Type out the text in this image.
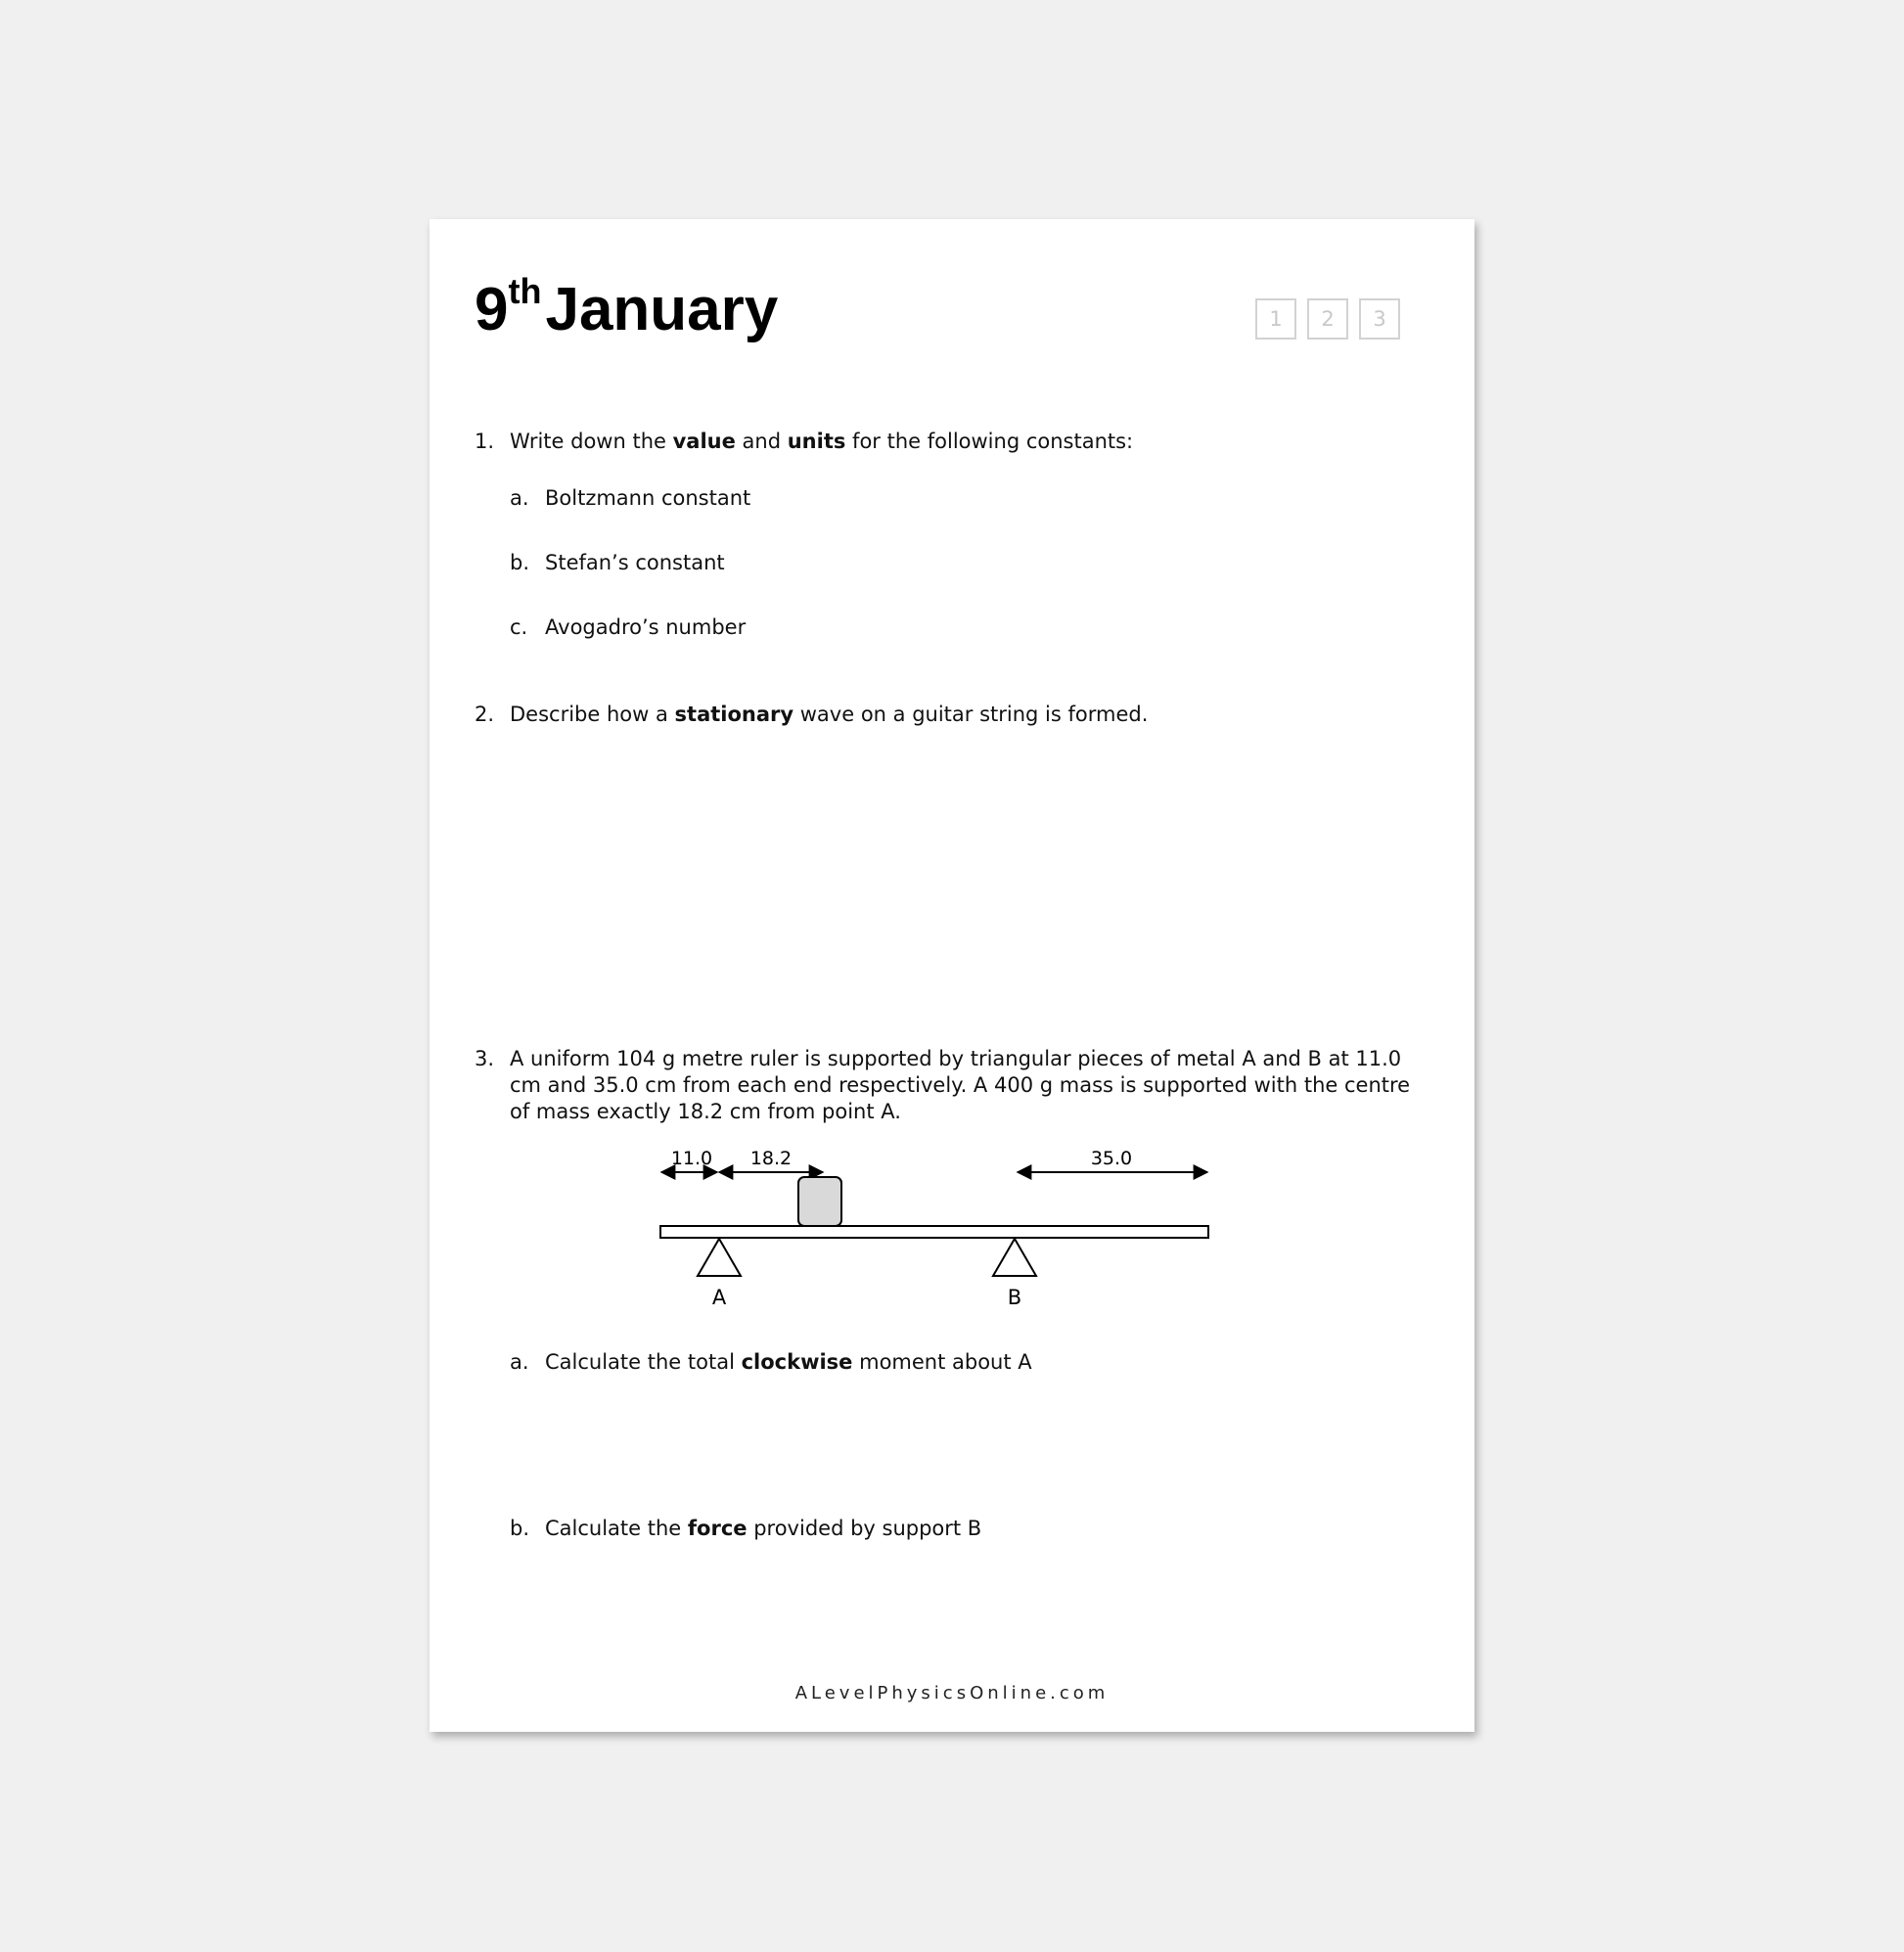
9thJanuary	1	2	3
1. Write down the value and units for the following constants:
a. Boltzmann constant
b. Stefan’s constant
c. Avogadro’s number
2. Describe how a stationary wave on a guitar string is formed.
3. A uniform 104 g metre ruler is supported by triangular pieces of metal A and B at 11.0 cm and 35.0 cm from each end respectively. A 400 g mass is supported with the centre of mass exactly 18.2 cm from point A.
11.0 18.2	35.0
A	B
a. Calculate the total clockwise moment about A
b. Calculate the force provided by support B
ALevelPhysicsOnline.com
